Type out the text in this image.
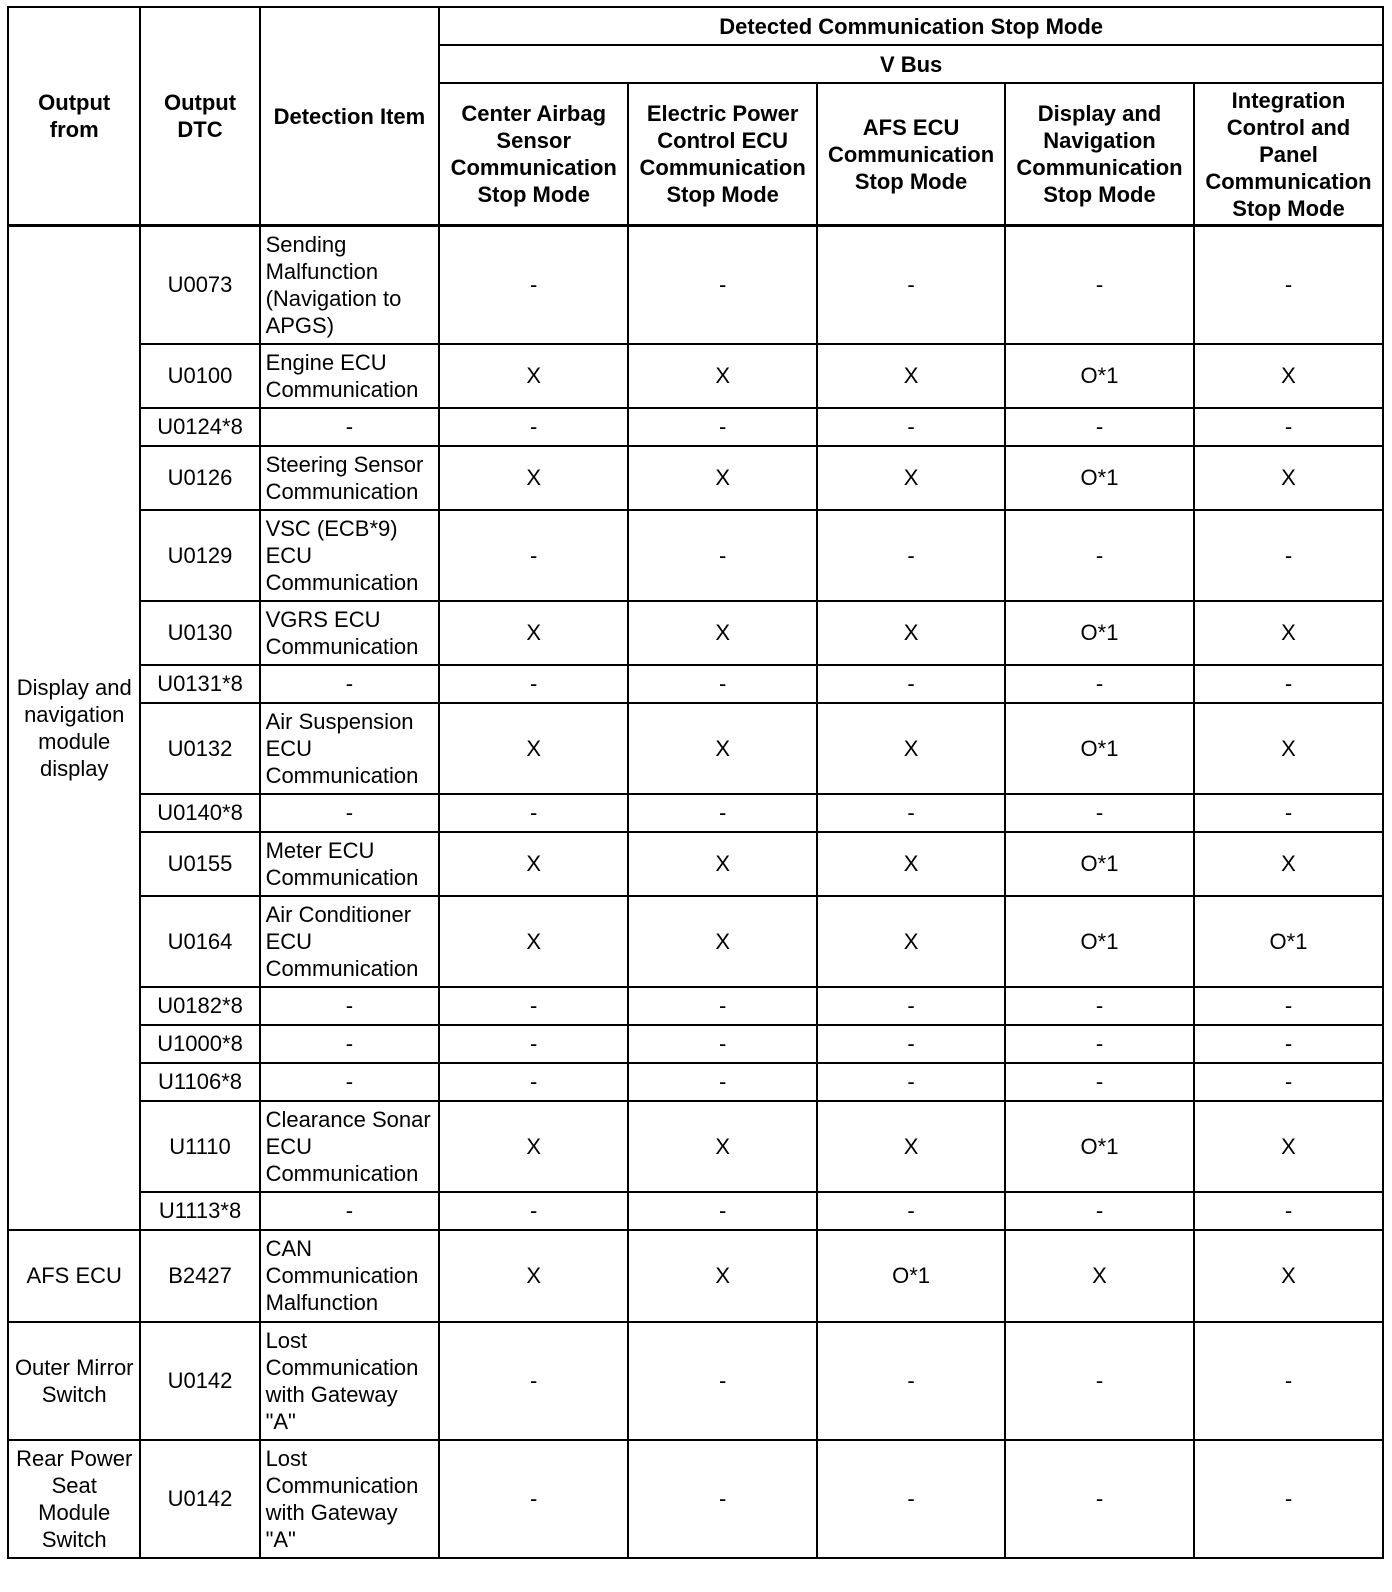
Output from	Output DTC	Detection Item	Detected Communication Stop Mode				
			V Bus				
			Center Airbag Sensor Communication Stop Mode	Electric Power Control ECU Communication Stop Mode	AFS ECU Communication Stop Mode	Display and Navigation Communication Stop Mode	Integration Control and Panel Communication Stop Mode
Display and navigation module display	U0073	Sending Malfunction (Navigation to APGS)	-	-	-	-	-
	U0100	Engine ECU Communication	X	X	X	O*1	X
	U0124*8	-	-	-	-	-	-
	U0126	Steering Sensor Communication	X	X	X	O*1	X
	U0129	VSC (ECB*9) ECU Communication	-	-	-	-	-
	U0130	VGRS ECU Communication	X	X	X	O*1	X
	U0131*8	-	-	-	-	-	-
	U0132	Air Suspension ECU Communication	X	X	X	O*1	X
	U0140*8	-	-	-	-	-	-
	U0155	Meter ECU Communication	X	X	X	O*1	X
	U0164	Air Conditioner ECU Communication	X	X	X	O*1	O*1
	U0182*8	-	-	-	-	-	-
	U1000*8	-	-	-	-	-	-
	U1106*8	-	-	-	-	-	-
	U1110	Clearance Sonar ECU Communication	X	X	X	O*1	X
	U1113*8	-	-	-	-	-	-
AFS ECU	B2427	CAN Communication Malfunction	X	X	O*1	X	X
Outer Mirror Switch	U0142	Lost Communication with Gateway "A"	-	-	-	-	-
Rear Power Seat Module Switch	U0142	Lost Communication with Gateway "A"	-	-	-	-	-
